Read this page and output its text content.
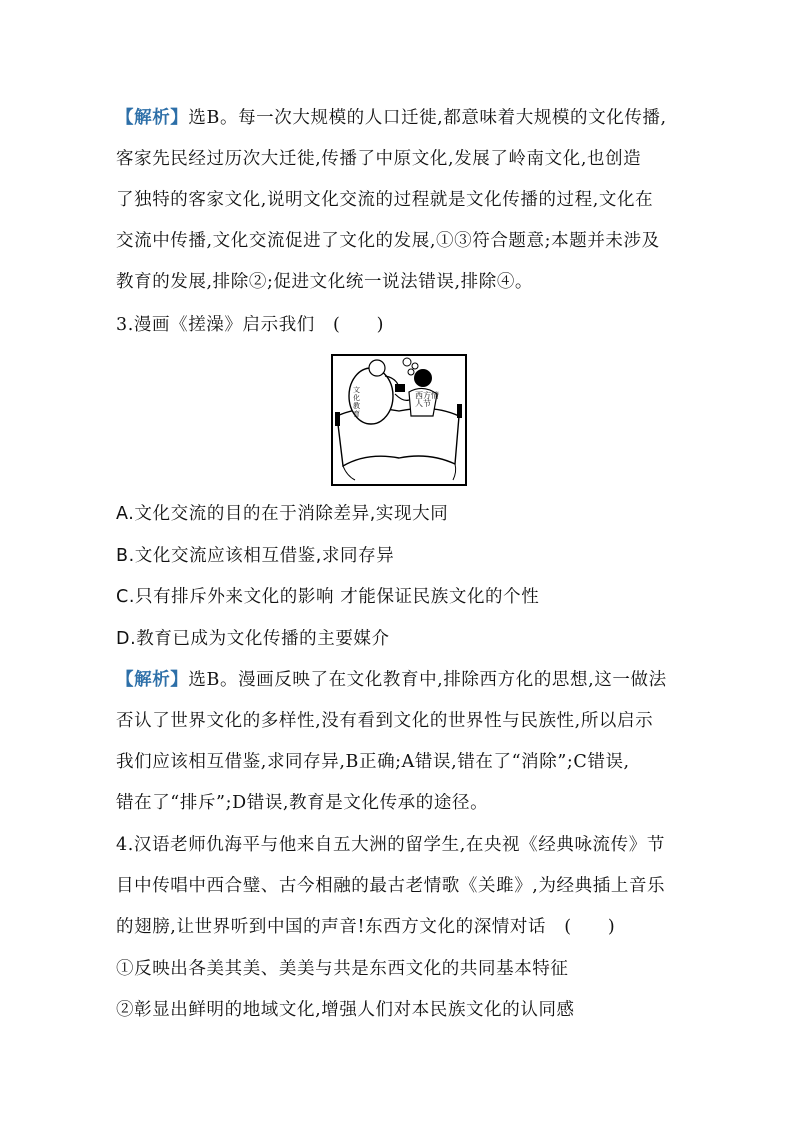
【解析】选B。每一次大规模的人口迁徙,都意味着大规模的文化传播,
客家先民经过历次大迁徙,传播了中原文化,发展了岭南文化,也创造
了独特的客家文化,说明文化交流的过程就是文化传播的过程,文化在
交流中传播,文化交流促进了文化的发展,①③符合题意;本题并未涉及
教育的发展,排除②;促进文化统一说法错误,排除④。
3.漫画《搓澡》启示我们　(　　)
文化教育
西方情人节
A.文化交流的目的在于消除差异,实现大同
B.文化交流应该相互借鉴,求同存异
C.只有排斥外来文化的影响 才能保证民族文化的个性
D.教育已成为文化传播的主要媒介
【解析】选B。漫画反映了在文化教育中,排除西方化的思想,这一做法
否认了世界文化的多样性,没有看到文化的世界性与民族性,所以启示
我们应该相互借鉴,求同存异,B正确;A错误,错在了“消除”;C错误,
错在了“排斥”;D错误,教育是文化传承的途径。
4.汉语老师仇海平与他来自五大洲的留学生,在央视《经典咏流传》节
目中传唱中西合璧、古今相融的最古老情歌《关雎》,为经典插上音乐
的翅膀,让世界听到中国的声音!东西方文化的深情对话　(　　)
①反映出各美其美、美美与共是东西文化的共同基本特征
②彰显出鲜明的地域文化,增强人们对本民族文化的认同感
